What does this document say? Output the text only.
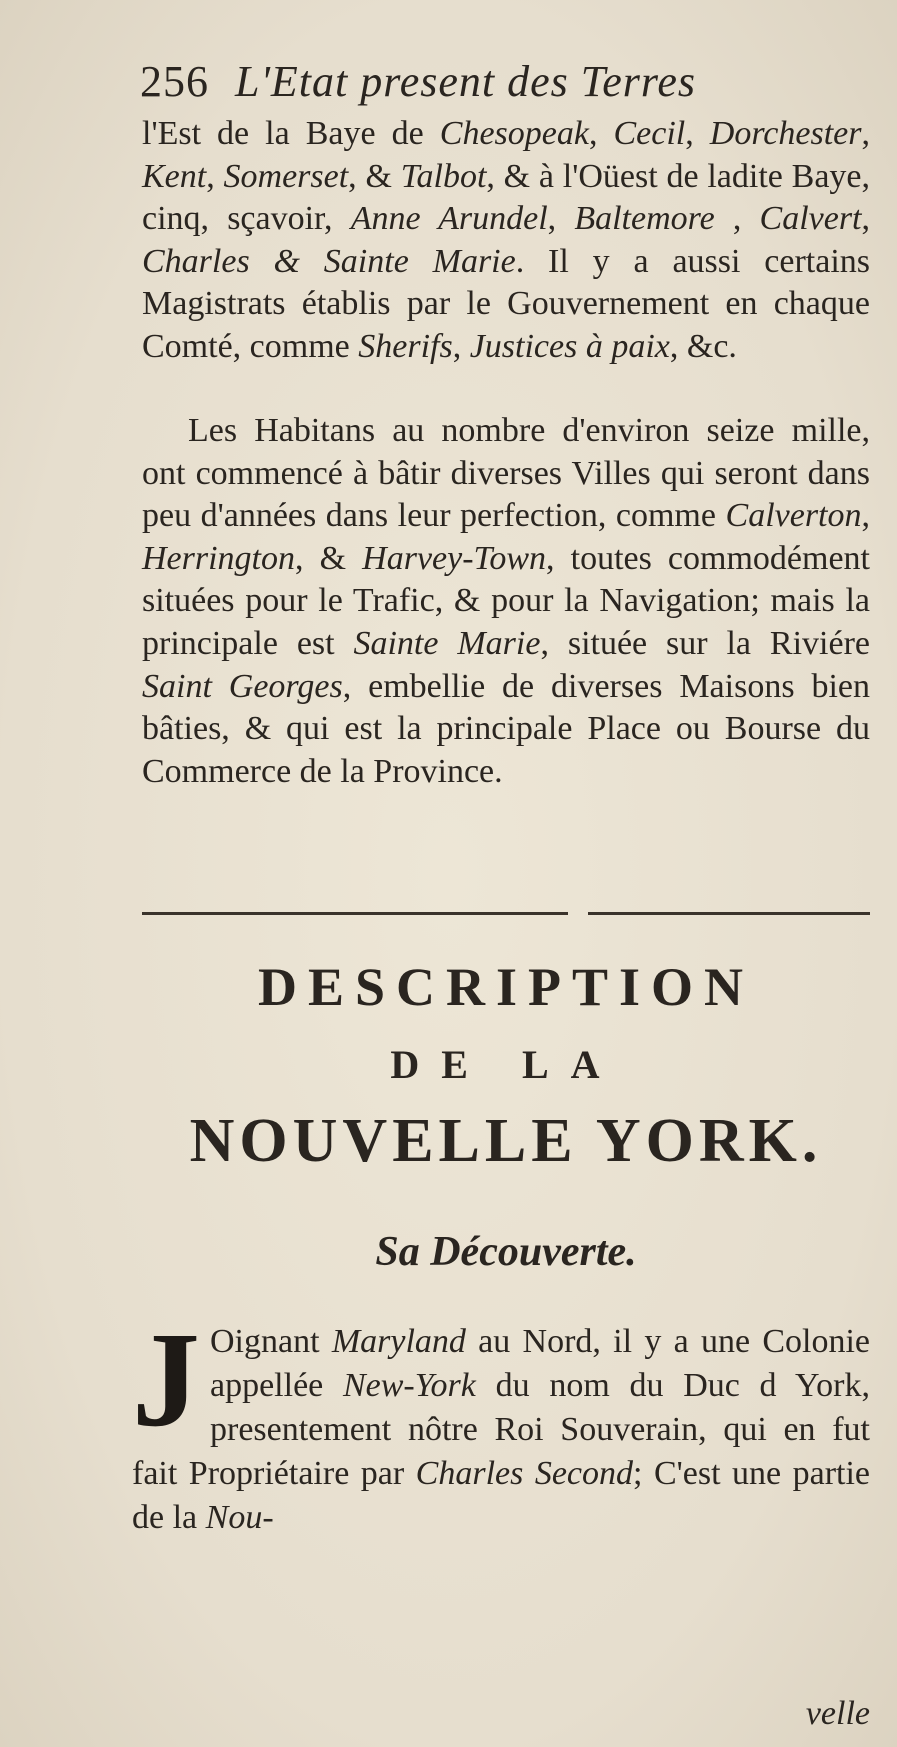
256 L'Etat present des Terres

l'Est de la Baye de Chesopeak, Cecil, Dorchester, Kent, Somerset, & Talbot, & à l'Oüest de ladite Baye, cinq, sçavoir, Anne Arundel, Baltemore , Calvert, Charles & Sainte Marie. Il y a aussi certains Magistrats établis par le Gouvernement en chaque Comté, comme Sherifs, Justices à paix, &c.

Les Habitans au nombre d'environ seize mille, ont commencé à bâtir diverses Villes qui seront dans peu d'années dans leur perfection, comme Calverton, Herrington, & Harvey-Town, toutes commodément situées pour le Trafic, & pour la Navigation; mais la principale est Sainte Marie, située sur la Riviére Saint Georges, embellie de diverses Maisons bien bâties, & qui est la principale Place ou Bourse du Commerce de la Province.

DESCRIPTION
DE LA
NOUVELLE YORK.
Sa Découverte.

J Oignant Maryland au Nord, il y a une Colonie appellée New-York du nom du Duc d York, presentement nôtre Roi Souverain, qui en fut fait Propriétaire par Charles Second; C'est une partie de la Nou-

velle
